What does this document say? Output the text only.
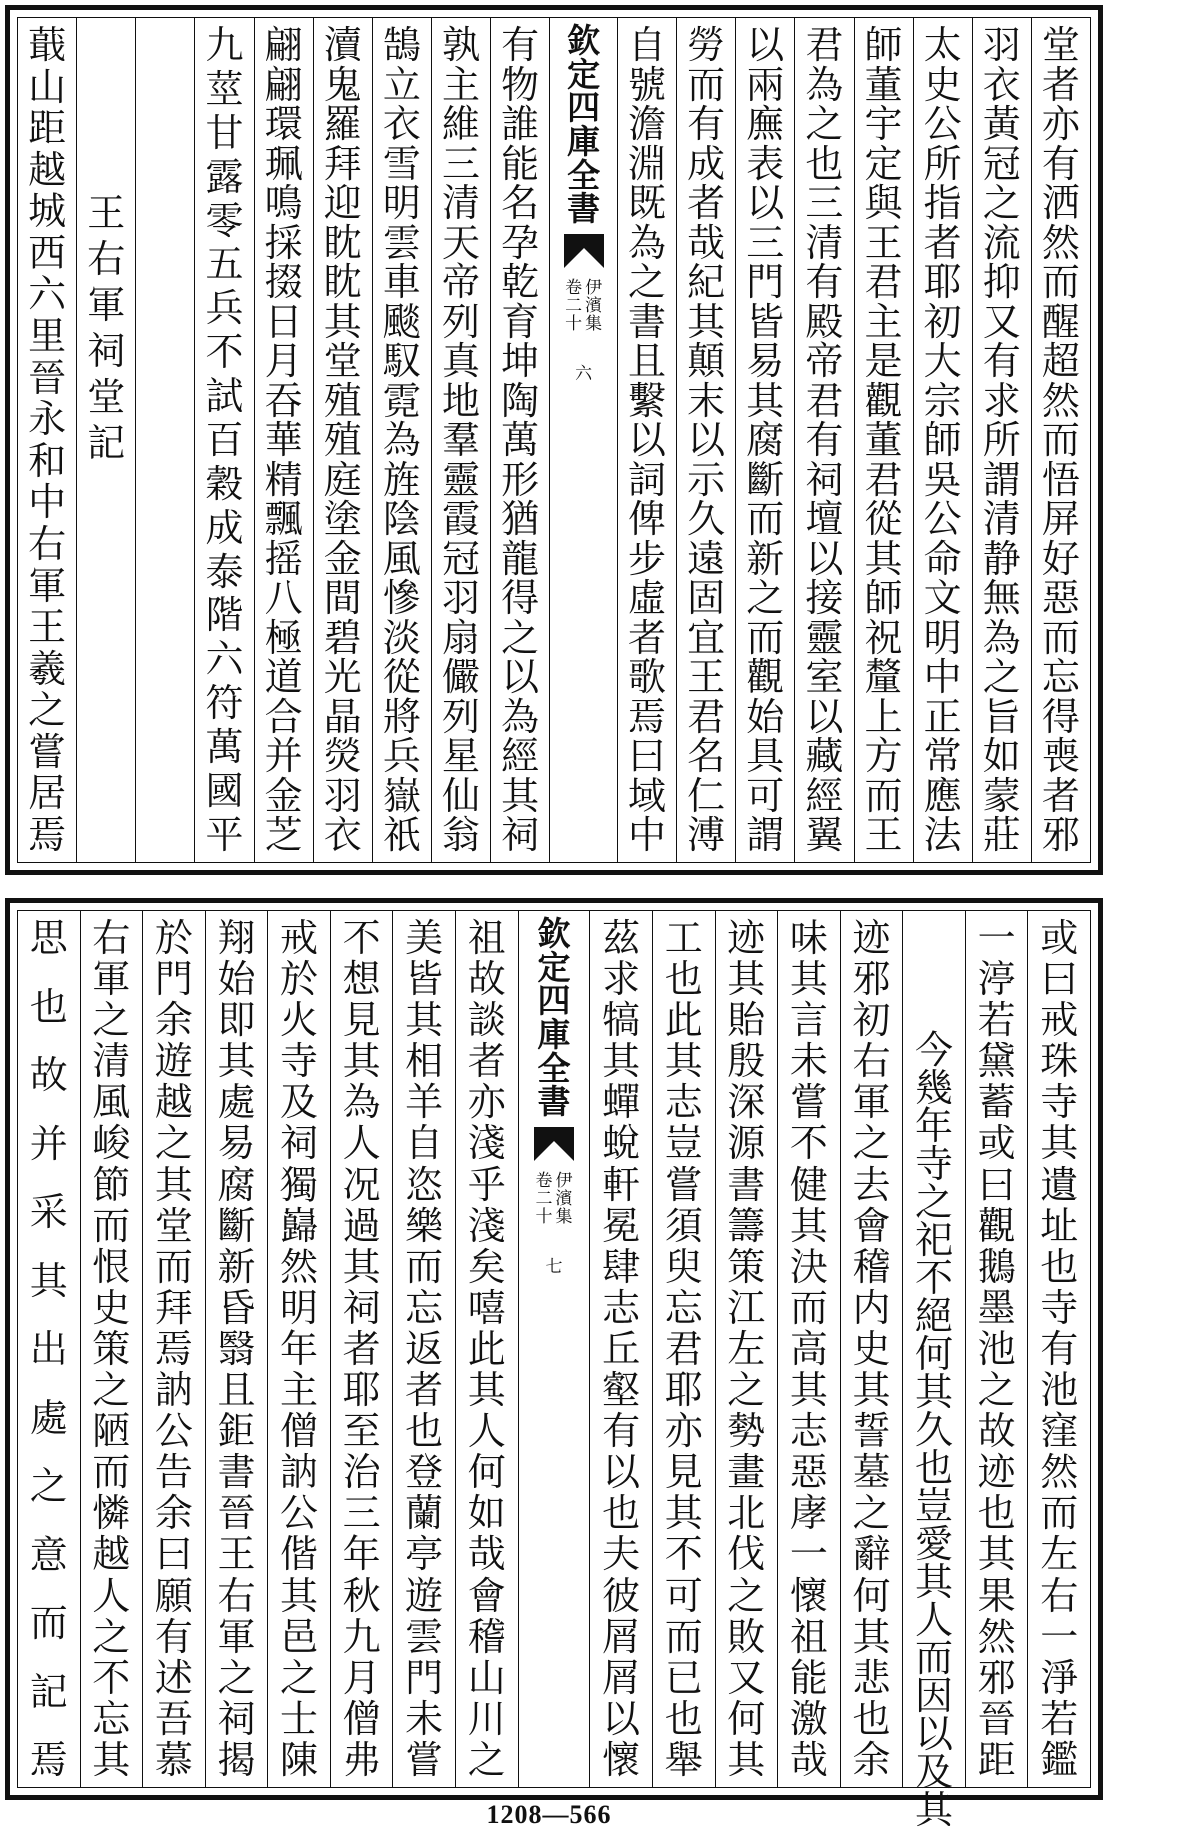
堂
者
亦
有
洒
然
而
醒
超
然
而
悟
屏
好
惡
而
忘
得
喪
者
邪
羽
衣
黃
冠
之
流
抑
又
有
求
所
謂
清
静
無
為
之
旨
如
蒙
莊
太
史
公
所
指
者
耶
初
大
宗
師
吳
公
命
文
明
中
正
常
應
法
師
董
宇
定
與
王
君
主
是
觀
董
君
從
其
師
祝
釐
上
方
而
王
君
為
之
也
三
清
有
殿
帝
君
有
祠
壇
以
接
靈
室
以
藏
經
翼
以
兩
廡
表
以
三
門
皆
易
其
腐
斷
而
新
之
而
觀
始
具
可
謂
勞
而
有
成
者
哉
紀
其
顛
末
以
示
久
遠
固
宜
王
君
名
仁
溥
自
號
澹
淵
既
為
之
書
且
繫
以
詞
俾
步
虛
者
歌
焉
曰
域
中
欽
定
四
庫
全
書
伊
濱
集
卷
二
十
六
有
物
誰
能
名
孕
乾
育
坤
陶
萬
形
猶
龍
得
之
以
為
經
其
祠
孰
主
維
三
清
天
帝
列
真
地
羣
靈
霞
冠
羽
扇
儼
列
星
仙
翁
鵠
立
衣
雪
明
雲
車
颷
馭
霓
為
旌
陰
風
慘
淡
從
將
兵
嶽
祇
瀆
鬼
羅
拜
迎
眈
眈
其
堂
殖
殖
庭
塗
金
間
碧
光
晶
熒
羽
衣
翩
翩
環
珮
鳴
採
掇
日
月
吞
華
精
飄
摇
八
極
道
合
并
金
芝
九
莖
甘
露
零
五
兵
不
試
百
穀
成
泰
階
六
符
萬
國
平
王
右
軍
祠
堂
記
蕺
山
距
越
城
西
六
里
晉
永
和
中
右
軍
王
羲
之
嘗
居
焉
或
曰
戒
珠
寺
其
遺
址
也
寺
有
池
窪
然
而
左
右
一
淨
若
鑑
一
渟
若
黛
蓄
或
曰
觀
鵝
墨
池
之
故
迹
也
其
果
然
邪
晉
距
今
幾
年
寺
之
祀
不
絕
何
其
久
也
豈
愛
其
人
而
因
以
及
其
迹
邪
初
右
軍
之
去
會
稽
内
史
其
誓
墓
之
辭
何
其
悲
也
余
味
其
言
未
嘗
不
健
其
決
而
高
其
志
惡
庨
一
懷
祖
能
激
哉
迹
其
貽
殷
深
源
書
籌
策
江
左
之
勢
畫
北
伐
之
敗
又
何
其
工
也
此
其
志
豈
嘗
須
臾
忘
君
耶
亦
見
其
不
可
而
已
也
舉
茲
求
犒
其
蟬
蛻
軒
冕
肆
志
丘
壑
有
以
也
夫
彼
屑
屑
以
懷
欽
定
四
庫
全
書
伊
濱
集
卷
二
十
七
祖
故
談
者
亦
淺
乎
淺
矣
嘻
此
其
人
何
如
哉
會
稽
山
川
之
美
皆
其
相
羊
自
恣
樂
而
忘
返
者
也
登
蘭
亭
遊
雲
門
未
嘗
不
想
見
其
為
人
况
過
其
祠
者
耶
至
治
三
年
秋
九
月
僧
弗
戒
於
火
寺
及
祠
獨
巋
然
明
年
主
僧
訥
公
偕
其
邑
之
士
陳
翔
始
即
其
處
易
腐
斷
新
昏
翳
且
鉅
書
晉
王
右
軍
之
祠
揭
於
門
余
遊
越
之
其
堂
而
拜
焉
訥
公
告
余
曰
願
有
述
吾
慕
右
軍
之
清
風
峻
節
而
恨
史
策
之
陋
而
憐
越
人
之
不
忘
其
思
也
故
并
采
其
出
處
之
意
而
記
焉
1208—566
